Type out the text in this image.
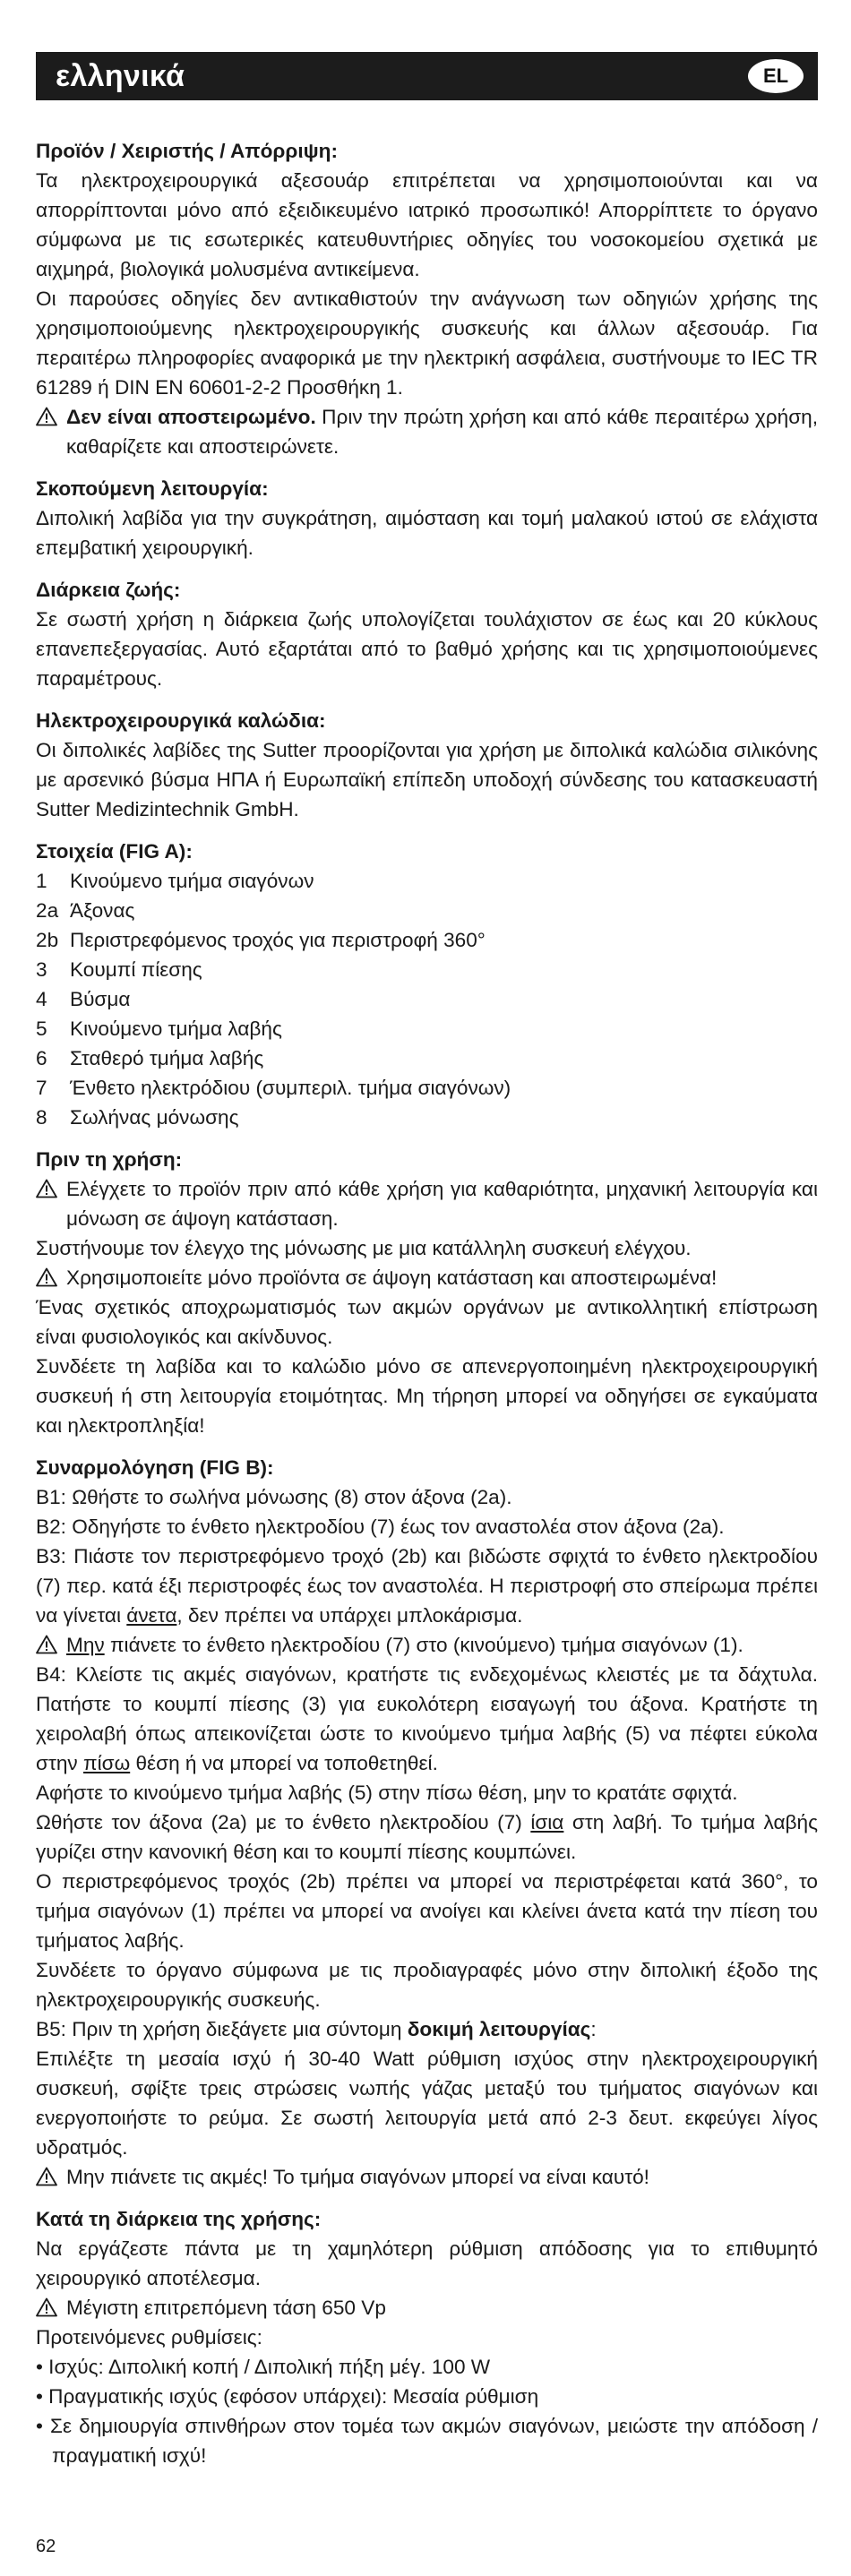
ελληνικά	EL
Προϊόν / Χειριστής / Απόρριψη:

Τα ηλεκτροχειρουργικά αξεσουάρ επιτρέπεται να χρησιμοποιούνται και να απορρίπτονται μόνο από εξειδικευμένο ιατρικό προσωπικό! Απορρίπτετε το όργανο σύμφωνα με τις εσωτερικές κατευθυντήριες οδηγίες του νοσοκομείου σχετικά με αιχμηρά, βιολογικά μολυσμένα αντικείμενα.

Οι παρούσες οδηγίες δεν αντικαθιστούν την ανάγνωση των οδηγιών χρήσης της χρησιμοποιούμενης ηλεκτροχειρουργικής συσκευής και άλλων αξεσουάρ. Για περαιτέρω πληροφορίες αναφορικά με την ηλεκτρική ασφάλεια, συστήνουμε το IEC TR 61289 ή DIN EN 60601-2-2 Προσθήκη 1.

Δεν είναι αποστειρωμένο. Πριν την πρώτη χρήση και από κάθε περαιτέρω χρήση, καθαρίζετε και αποστειρώνετε.

Σκοπούμενη λειτουργία:

Διπολική λαβίδα για την συγκράτηση, αιμόσταση και τομή μαλακού ιστού σε ελάχιστα επεμβατική χειρουργική.

Διάρκεια ζωής:

Σε σωστή χρήση η διάρκεια ζωής υπολογίζεται τουλάχιστον σε έως και 20 κύκλους επανεπεξεργασίας. Αυτό εξαρτάται από το βαθμό χρήσης και τις χρησιμοποιούμενες παραμέτρους.

Ηλεκτροχειρουργικά καλώδια:

Οι διπολικές λαβίδες της Sutter προορίζονται για χρήση με διπολικά καλώδια σιλικόνης με αρσενικό βύσμα ΗΠΑ ή Ευρωπαϊκή επίπεδη υποδοχή σύνδεσης του κατασκευαστή Sutter Medizintechnik GmbH.

Στοιχεία (FIG A):
1	Κινούμενο τμήμα σιαγόνων
2a Άξονας
2b Περιστρεφόμενος τροχός για περιστροφή 360°
3	Κουμπί πίεσης
4	Βύσμα
5	Κινούμενο τμήμα λαβής
6	Σταθερό τμήμα λαβής
7	Ένθετο ηλεκτρόδιου (συμπεριλ. τμήμα σιαγόνων)
8	Σωλήνας μόνωσης
Πριν τη χρήση:

Ελέγχετε το προϊόν πριν από κάθε χρήση για καθαριότητα, μηχανική λειτουργία και μόνωση σε άψογη κατάσταση.

Συστήνουμε τον έλεγχο της μόνωσης με μια κατάλληλη συσκευή ελέγχου.

Χρησιμοποιείτε μόνο προϊόντα σε άψογη κατάσταση και αποστειρωμένα!

Ένας σχετικός αποχρωματισμός των ακμών οργάνων με αντικολλητική επίστρωση είναι φυσιολογικός και ακίνδυνος.

Συνδέετε τη λαβίδα και το καλώδιο μόνο σε απενεργοποιημένη ηλεκτροχειρουργική συσκευή ή στη λειτουργία ετοιμότητας. Μη τήρηση μπορεί να οδηγήσει σε εγκαύματα και ηλεκτροπληξία!

Συναρμολόγηση (FIG B):

B1: Ωθήστε το σωλήνα μόνωσης (8) στον άξονα (2a).

B2: Οδηγήστε το ένθετο ηλεκτροδίου (7) έως τον αναστολέα στον άξονα (2a).

B3: Πιάστε τον περιστρεφόμενο τροχό (2b) και βιδώστε σφιχτά το ένθετο ηλεκτροδίου (7) περ. κατά έξι περιστροφές έως τον αναστολέα. Η περιστροφή στο σπείρωμα πρέπει να γίνεται άνετα, δεν πρέπει να υπάρχει μπλοκάρισμα.

Μην πιάνετε το ένθετο ηλεκτροδίου (7) στο (κινούμενο) τμήμα σιαγόνων (1).

B4: Κλείστε τις ακμές σιαγόνων, κρατήστε τις ενδεχομένως κλειστές με τα δάχτυλα. Πατήστε το κουμπί πίεσης (3) για ευκολότερη εισαγωγή του άξονα. Κρατήστε τη χειρολαβή όπως απεικονίζεται ώστε το κινούμενο τμήμα λαβής (5) να πέφτει εύκολα στην πίσω θέση ή να μπορεί να τοποθετηθεί.

Αφήστε το κινούμενο τμήμα λαβής (5) στην πίσω θέση, μην το κρατάτε σφιχτά.

Ωθήστε τον άξονα (2a) με το ένθετο ηλεκτροδίου (7) ίσια στη λαβή. Το τμήμα λαβής γυρίζει στην κανονική θέση και το κουμπί πίεσης κουμπώνει.

Ο περιστρεφόμενος τροχός (2b) πρέπει να μπορεί να περιστρέφεται κατά 360°, το τμήμα σιαγόνων (1) πρέπει να μπορεί να ανοίγει και κλείνει άνετα κατά την πίεση του τμήματος λαβής.

Συνδέετε το όργανο σύμφωνα με τις προδιαγραφές μόνο στην διπολική έξοδο της ηλεκτροχειρουργικής συσκευής.

B5: Πριν τη χρήση διεξάγετε μια σύντομη δοκιμή λειτουργίας:

Επιλέξτε τη μεσαία ισχύ ή 30-40 Watt ρύθμιση ισχύος στην ηλεκτροχειρουργική συσκευή, σφίξτε τρεις στρώσεις νωπής γάζας μεταξύ του τμήματος σιαγόνων και ενεργοποιήστε το ρεύμα. Σε σωστή λειτουργία μετά από 2-3 δευτ. εκφεύγει λίγος υδρατμός.

Μην πιάνετε τις ακμές! Το τμήμα σιαγόνων μπορεί να είναι καυτό!

Κατά τη διάρκεια της χρήσης:

Να εργάζεστε πάντα με τη χαμηλότερη ρύθμιση απόδοσης για το επιθυμητό χειρουργικό αποτέλεσμα.

Μέγιστη επιτρεπόμενη τάση 650 Vp

Προτεινόμενες ρυθμίσεις:

• Ισχύς: Διπολική κοπή / Διπολική πήξη μέγ. 100 W

• Πραγματικής ισχύς (εφόσον υπάρχει): Μεσαία ρύθμιση

• Σε δημιουργία σπινθήρων στον τομέα των ακμών σιαγόνων, μειώστε την απόδοση / πραγματική ισχύ!

62
